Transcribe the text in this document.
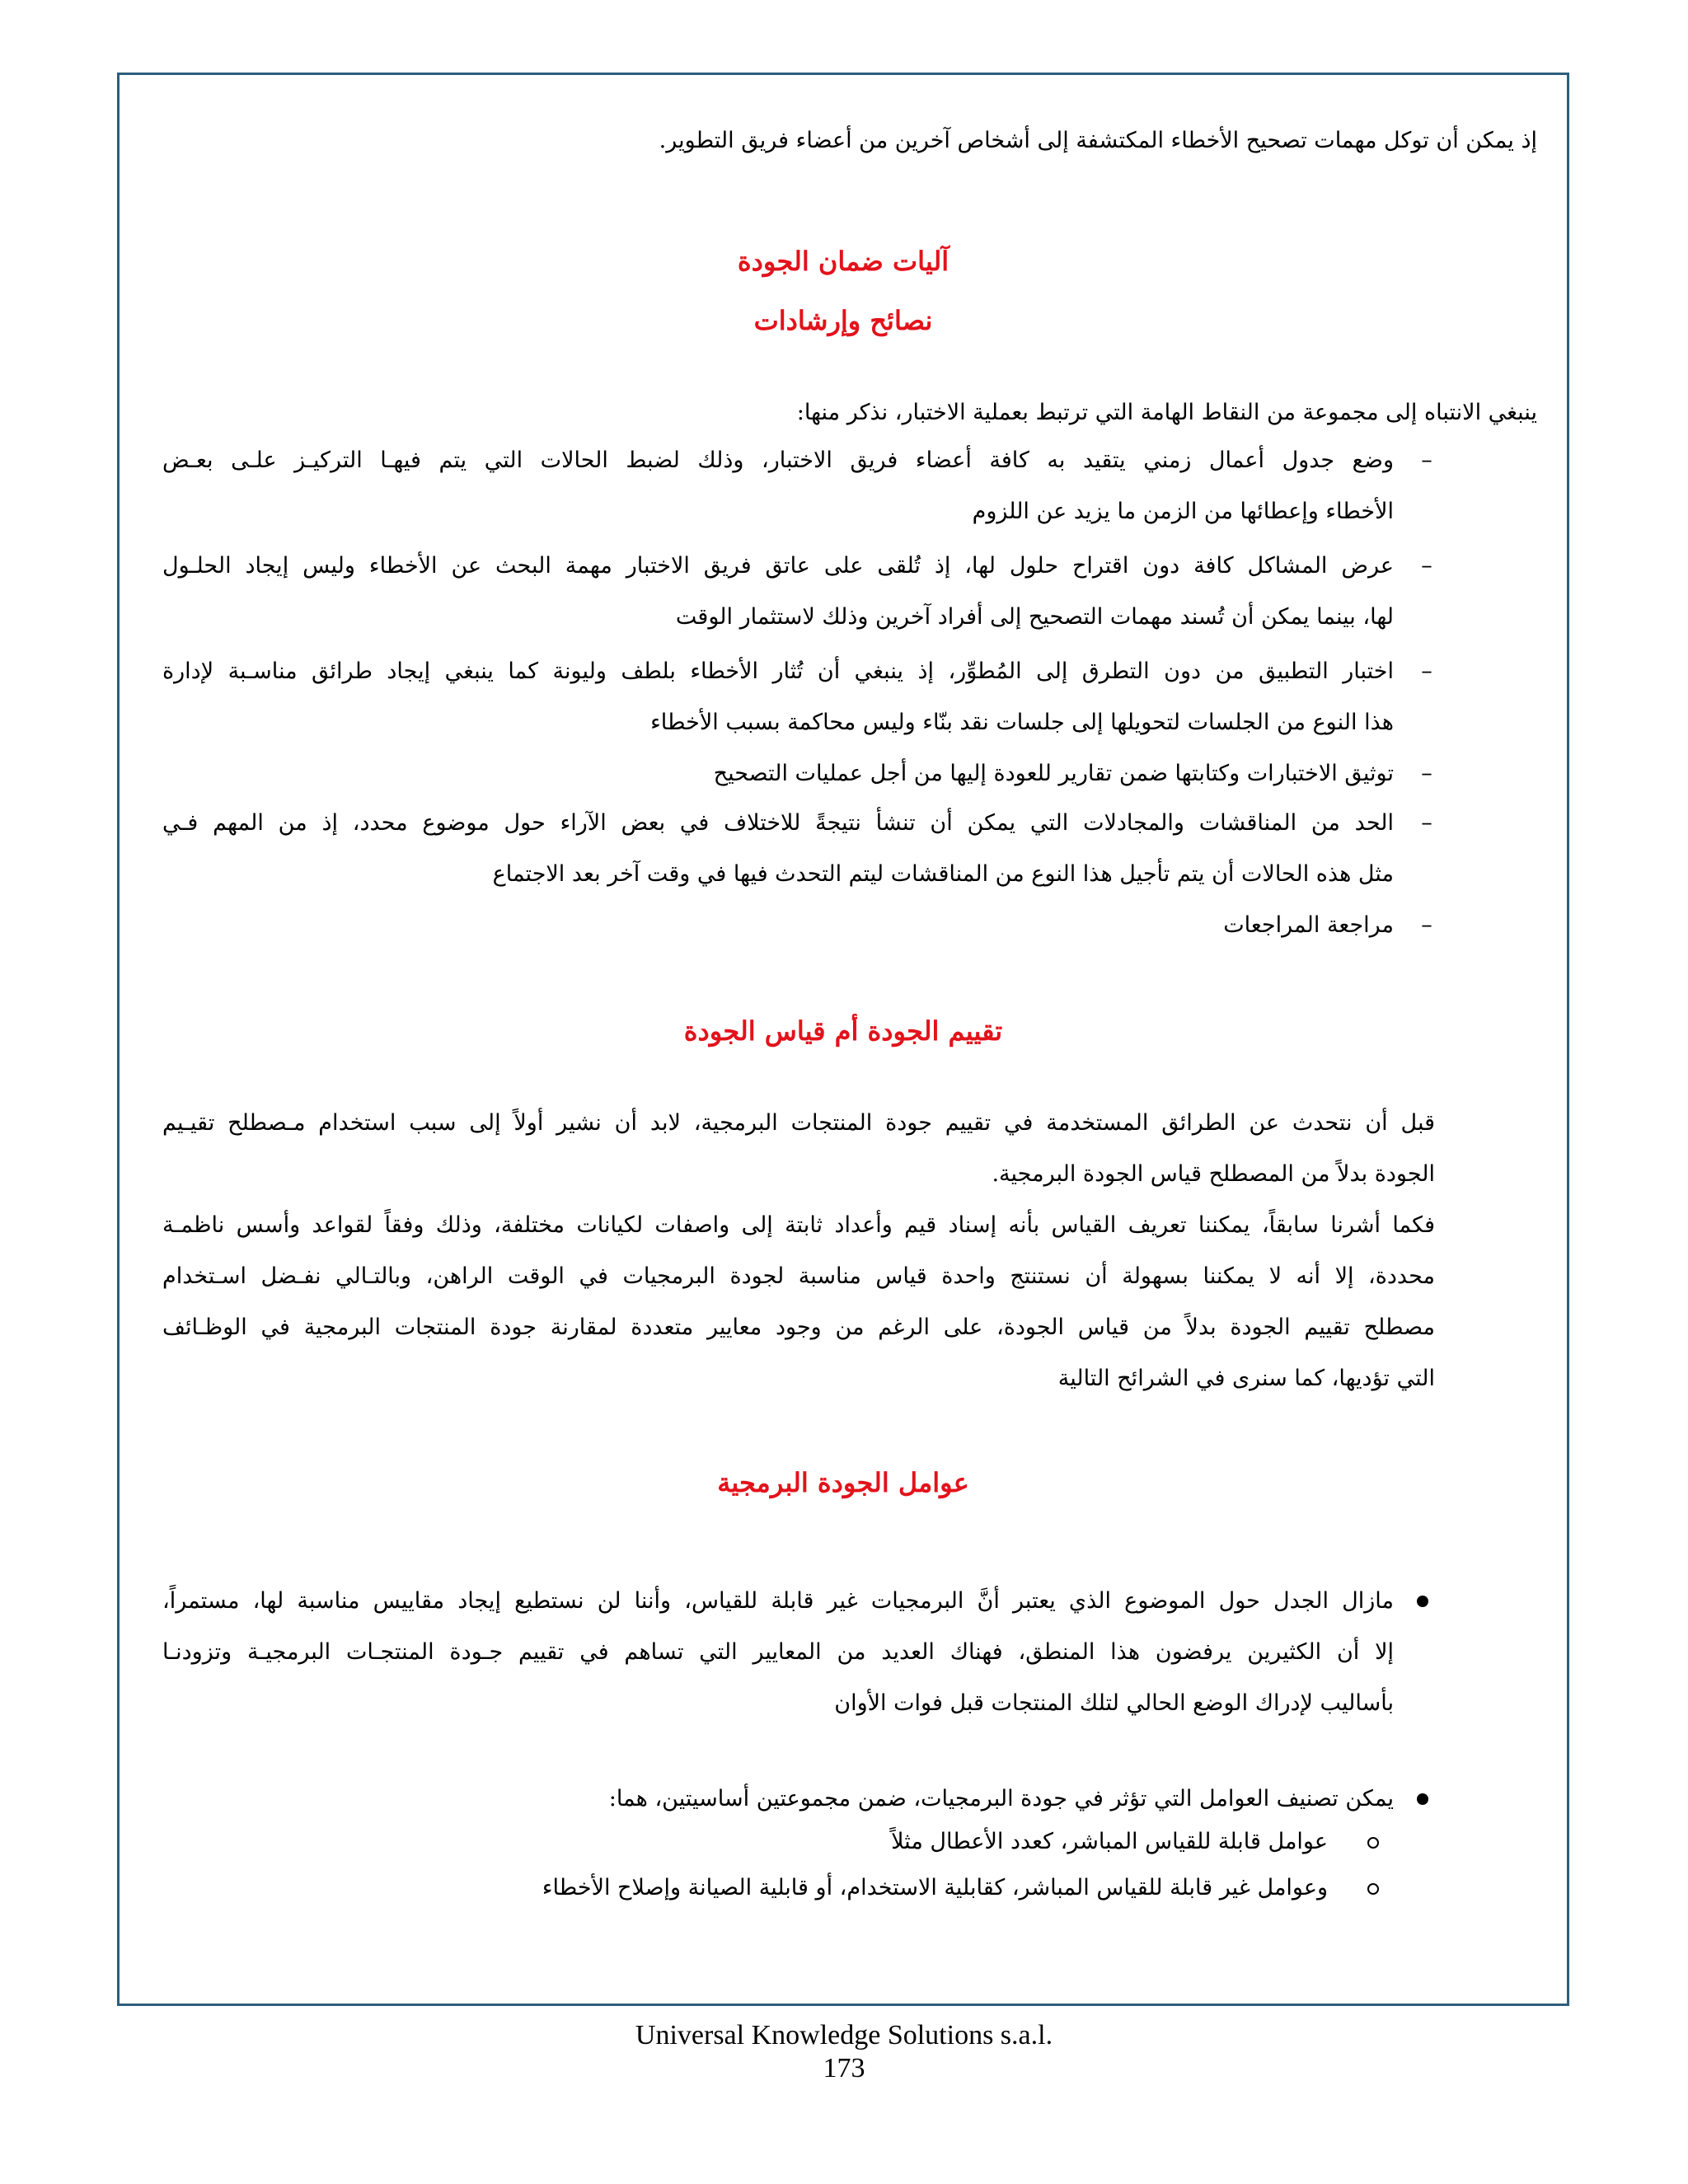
إذ يمكن أن توكل مهمات تصحيح الأخطاء المكتشفة إلى أشخاص آخرين من أعضاء فريق التطوير.
آليات ضمان الجودة
نصائح وإرشادات
ينبغي الانتباه إلى مجموعة من النقاط الهامة التي ترتبط بعملية الاختبار، نذكر منها:
–
وضع جدول أعمال زمني يتقيد به كافة أعضاء فريق الاختبار، وذلك لضبط الحالات التي يتم فيهـا التركيـز علـى بعـض
الأخطاء وإعطائها من الزمن ما يزيد عن اللزوم
–
عرض المشاكل كافة دون اقتراح حلول لها، إذ تُلقى على عاتق فريق الاختبار مهمة البحث عن الأخطاء وليس إيجاد الحلـول
لها، بينما يمكن أن تُسند مهمات التصحيح إلى أفراد آخرين وذلك لاستثمار الوقت
–
اختبار التطبيق من دون التطرق إلى المُطوِّر، إذ ينبغي أن تُثار الأخطاء بلطف وليونة كما ينبغي إيجاد طرائق مناسـبة لإدارة
هذا النوع من الجلسات لتحويلها إلى جلسات نقد بنّاء وليس محاكمة بسبب الأخطاء
–
توثيق الاختبارات وكتابتها ضمن تقارير للعودة إليها من أجل عمليات التصحيح
–
الحد من المناقشات والمجادلات التي يمكن أن تنشأ نتيجةً للاختلاف في بعض الآراء حول موضوع محدد، إذ من المهم فـي
مثل هذه الحالات أن يتم تأجيل هذا النوع من المناقشات ليتم التحدث فيها في وقت آخر بعد الاجتماع
–
مراجعة المراجعات
تقييم الجودة أم قياس الجودة
قبل أن نتحدث عن الطرائق المستخدمة في تقييم جودة المنتجات البرمجية، لابد أن نشير أولاً إلى سبب استخدام مـصطلح تقيـيم
الجودة بدلاً من المصطلح قياس الجودة البرمجية.
فكما أشرنا سابقاً، يمكننا تعريف القياس بأنه إسناد قيم وأعداد ثابتة إلى واصفات لكيانات مختلفة، وذلك وفقاً لقواعد وأسس ناظمـة
محددة، إلا أنه لا يمكننا بسهولة أن نستنتج واحدة قياس مناسبة لجودة البرمجيات في الوقت الراهن، وبالتـالي نفـضل اسـتخدام
مصطلح تقييم الجودة بدلاً من قياس الجودة، على الرغم من وجود معايير متعددة لمقارنة جودة المنتجات البرمجية في الوظـائف
التي تؤديها، كما سنرى في الشرائح التالية
عوامل الجودة البرمجية
مازال الجدل حول الموضوع الذي يعتبر أنَّ البرمجيات غير قابلة للقياس، وأننا لن نستطيع إيجاد مقاييس مناسبة لها، مستمراً،
إلا أن الكثيرين يرفضون هذا المنطق، فهناك العديد من المعايير التي تساهم في تقييم جـودة المنتجـات البرمجيـة وتزودنـا
بأساليب لإدراك الوضع الحالي لتلك المنتجات قبل فوات الأوان
يمكن تصنيف العوامل التي تؤثر في جودة البرمجيات، ضمن مجموعتين أساسيتين، هما:
عوامل قابلة للقياس المباشر، كعدد الأعطال مثلاً
وعوامل غير قابلة للقياس المباشر، كقابلية الاستخدام، أو قابلية الصيانة وإصلاح الأخطاء
Universal Knowledge Solutions s.a.l.
173
